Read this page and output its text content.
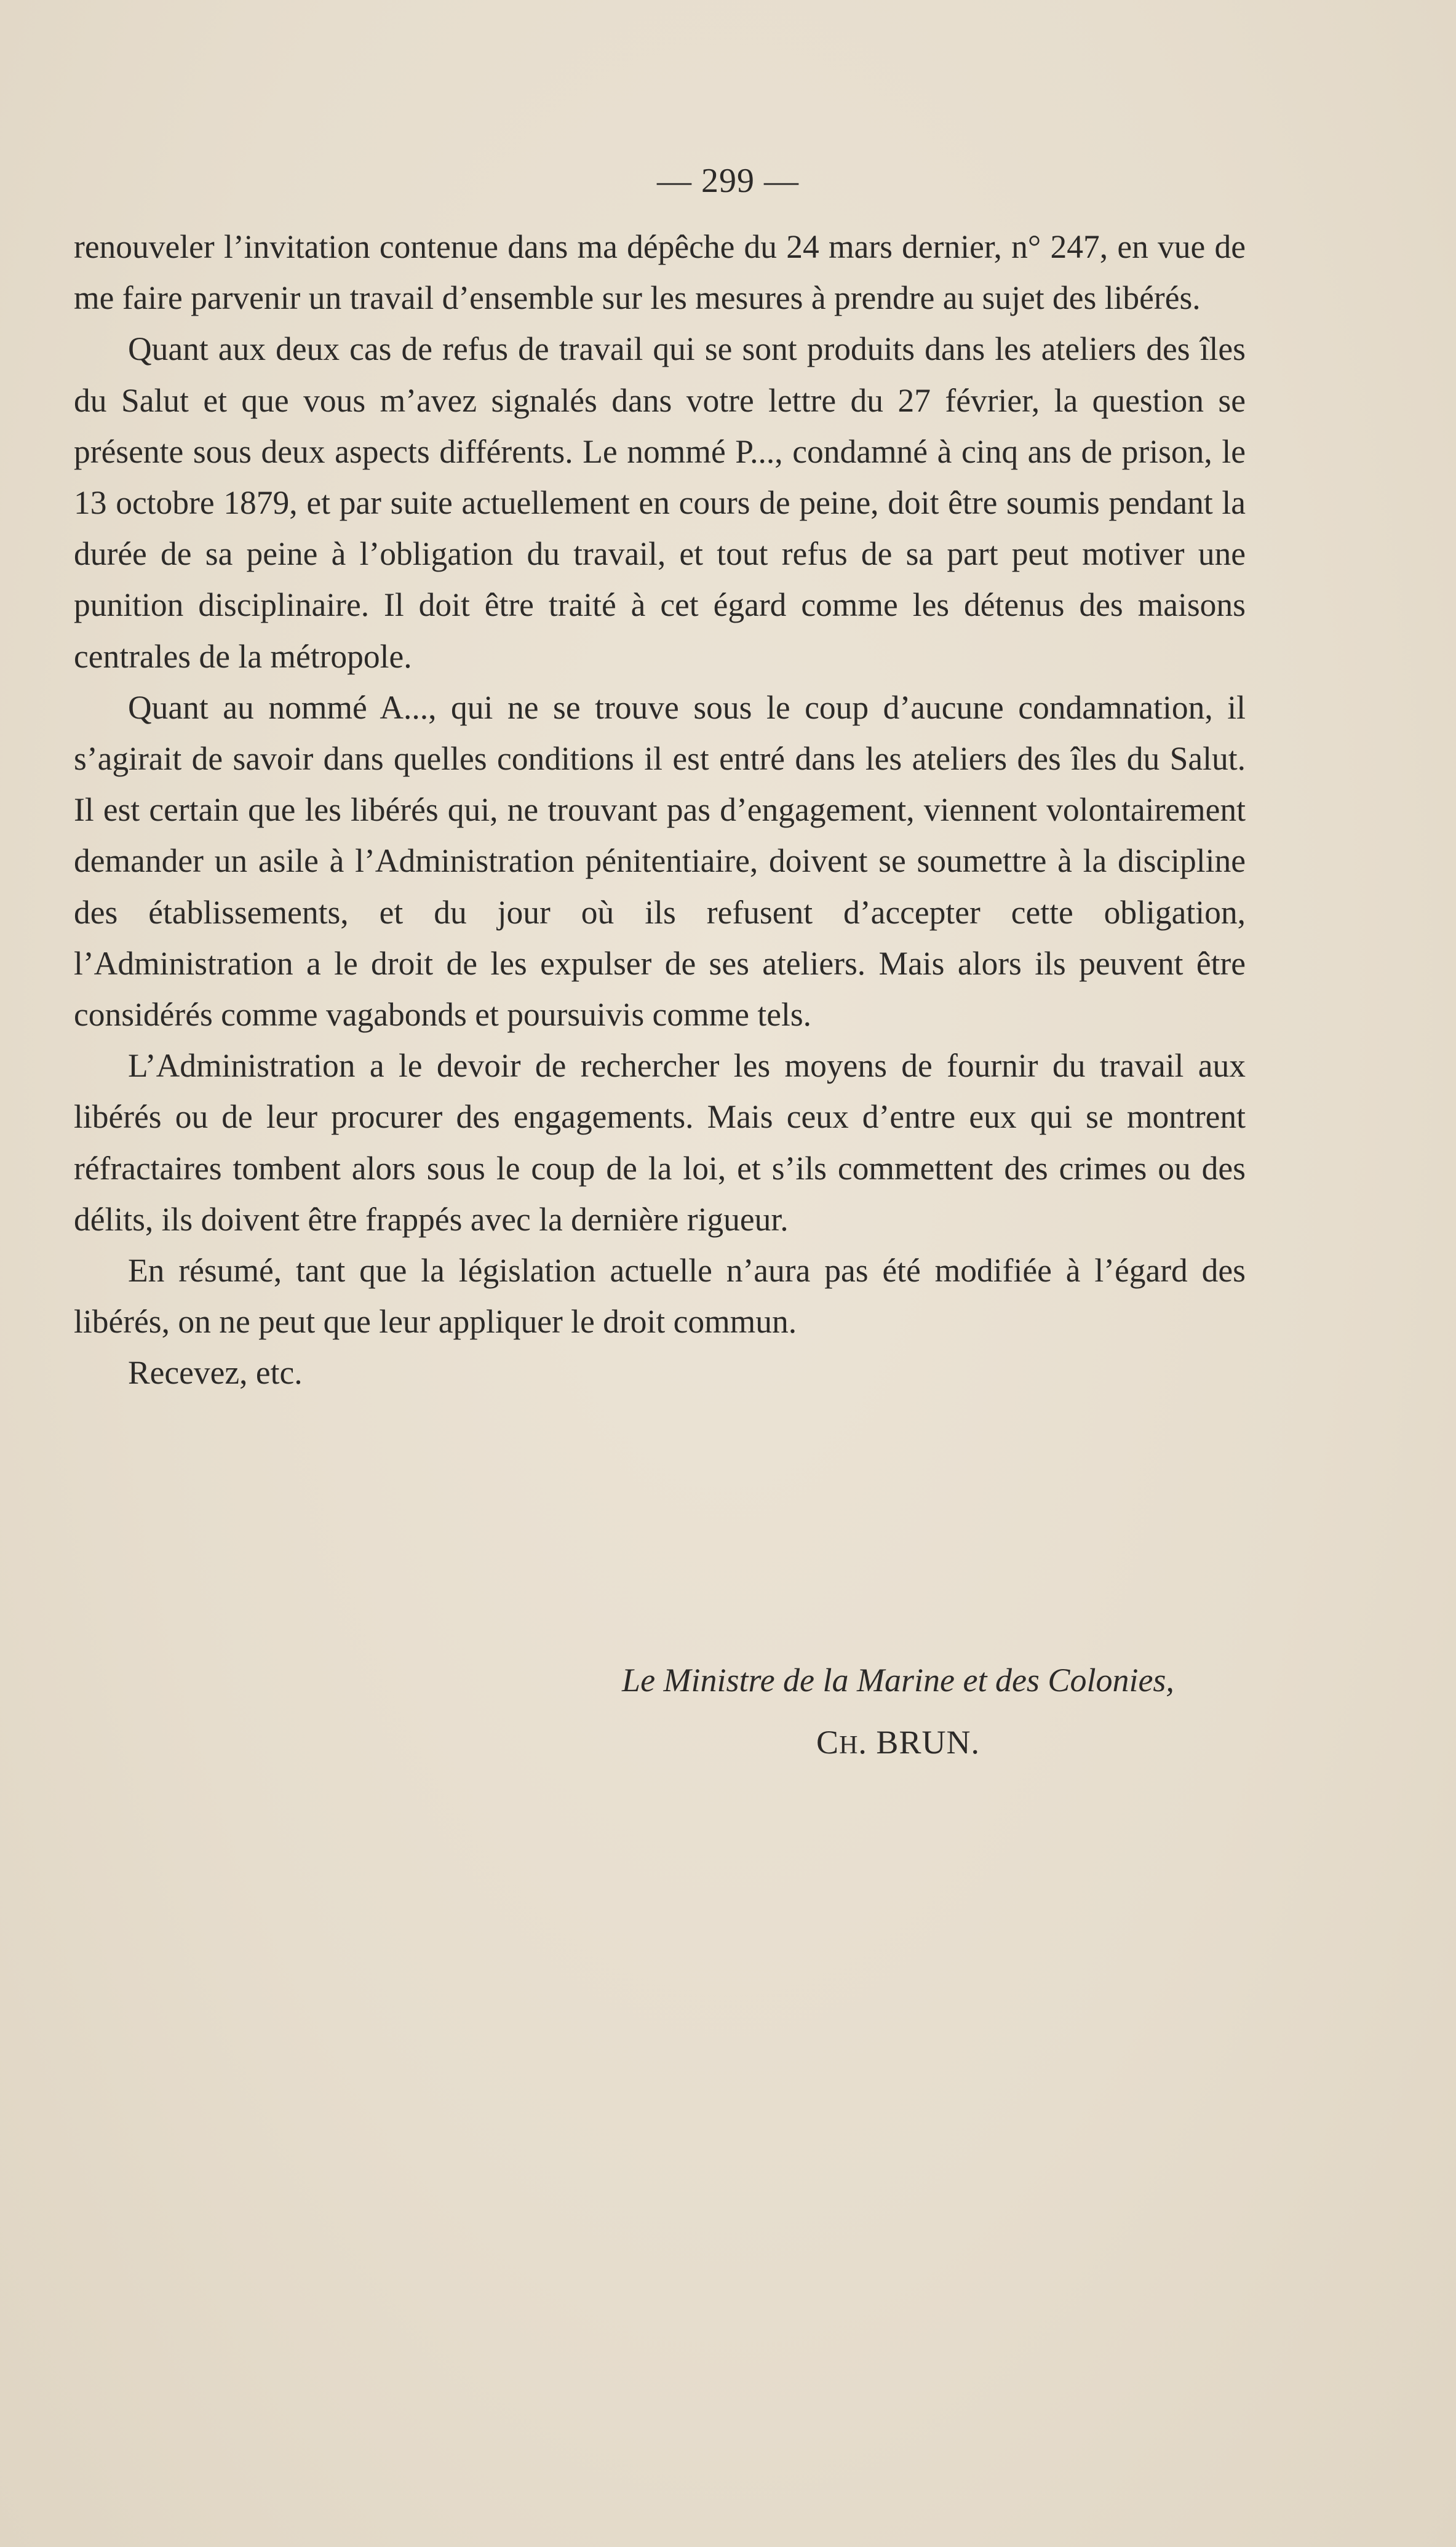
— 299 —

renouveler l’invitation contenue dans ma dépêche du 24 mars dernier, n° 247, en vue de me faire parvenir un travail d’ensemble sur les mesures à prendre au sujet des libérés.

Quant aux deux cas de refus de travail qui se sont produits dans les ateliers des îles du Salut et que vous m’avez signalés dans votre lettre du 27 février, la question se présente sous deux aspects différents. Le nommé P..., condamné à cinq ans de prison, le 13 octobre 1879, et par suite actuellement en cours de peine, doit être soumis pendant la durée de sa peine à l’obligation du travail, et tout refus de sa part peut motiver une punition disciplinaire. Il doit être traité à cet égard comme les détenus des maisons centrales de la métropole.

Quant au nommé A..., qui ne se trouve sous le coup d’aucune condamnation, il s’agirait de savoir dans quelles conditions il est entré dans les ateliers des îles du Salut. Il est certain que les libérés qui, ne trouvant pas d’engagement, viennent volontairement demander un asile à l’Administration pénitentiaire, doivent se soumettre à la discipline des établissements, et du jour où ils refusent d’accepter cette obligation, l’Administration a le droit de les expulser de ses ateliers. Mais alors ils peuvent être considérés comme vagabonds et poursuivis comme tels.

L’Administration a le devoir de rechercher les moyens de fournir du travail aux libérés ou de leur procurer des engagements. Mais ceux d’entre eux qui se montrent réfractaires tombent alors sous le coup de la loi, et s’ils commettent des crimes ou des délits, ils doivent être frappés avec la dernière rigueur.

En résumé, tant que la législation actuelle n’aura pas été modifiée à l’égard des libérés, on ne peut que leur appliquer le droit commun.

Recevez, etc.

Le Ministre de la Marine et des Colonies,
CH. BRUN.
